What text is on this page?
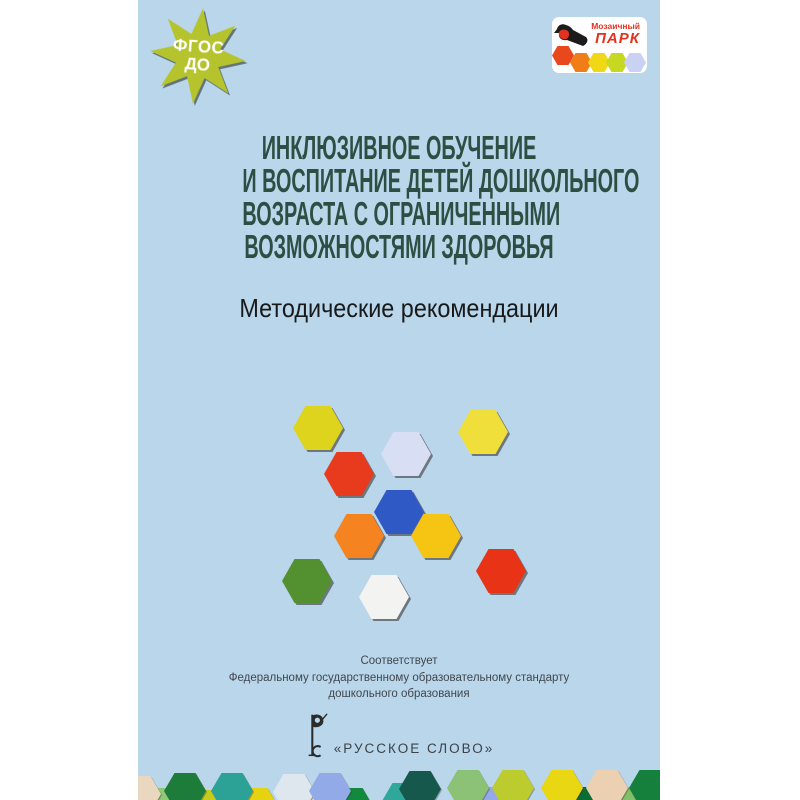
ФГОС
ДО
Мозаичный
ПАРК
ИНКЛЮЗИВНОЕ ОБУЧЕНИЕ
И ВОСПИТАНИЕ ДЕТЕЙ ДОШКОЛЬНОГО
ВОЗРАСТА С ОГРАНИЧЕННЫМИ
ВОЗМОЖНОСТЯМИ ЗДОРОВЬЯ
Методические рекомендации
Соответствует
Федеральному государственному образовательному стандарту
дошкольного образования
«РУССКОЕ СЛОВО»
